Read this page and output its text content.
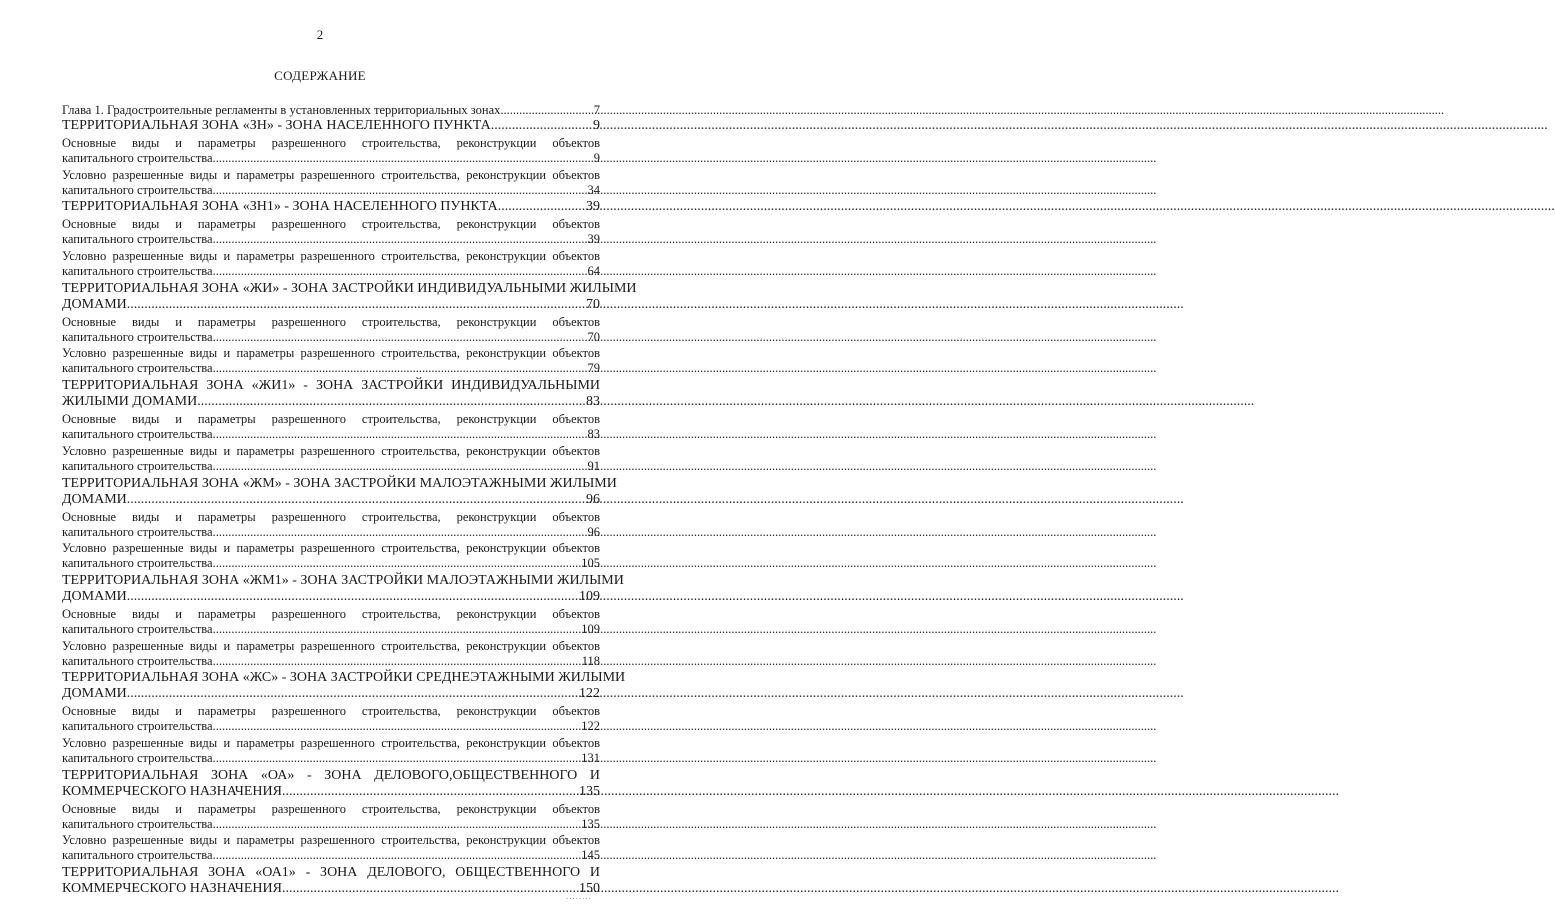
2
СОДЕРЖАНИЕ
Глава 1. Градостроительные регламенты в установленных территориальных зонах .....	7
ТЕРРИТОРИАЛЬНАЯ ЗОНА «ЗН» - ЗОНА НАСЕЛЕННОГО ПУНКТА .....	9
Основные виды и параметры разрешенного строительства, реконструкции объектов
капитального строительства .....	9
Условно разрешенные виды и параметры разрешенного строительства, реконструкции объектов
капитального строительства .....	34
ТЕРРИТОРИАЛЬНАЯ ЗОНА «ЗН1» - ЗОНА НАСЕЛЕННОГО ПУНКТА .....	39
Основные виды и параметры разрешенного строительства, реконструкции объектов
капитального строительства .....	39
Условно разрешенные виды и параметры разрешенного строительства, реконструкции объектов
капитального строительства .....	64
ТЕРРИТОРИАЛЬНАЯ ЗОНА «ЖИ» - ЗОНА ЗАСТРОЙКИ ИНДИВИДУАЛЬНЫМИ ЖИЛЫМИ
ДОМАМИ .....	70
Основные виды и параметры разрешенного строительства, реконструкции объектов
капитального строительства .....	70
Условно разрешенные виды и параметры разрешенного строительства, реконструкции объектов
капитального строительства .....	79
ТЕРРИТОРИАЛЬНАЯ ЗОНА «ЖИ1» - ЗОНА ЗАСТРОЙКИ ИНДИВИДУАЛЬНЫМИ
ЖИЛЫМИ ДОМАМИ .....	83
Основные виды и параметры разрешенного строительства, реконструкции объектов
капитального строительства .....	83
Условно разрешенные виды и параметры разрешенного строительства, реконструкции объектов
капитального строительства .....	91
ТЕРРИТОРИАЛЬНАЯ ЗОНА «ЖМ» - ЗОНА ЗАСТРОЙКИ МАЛОЭТАЖНЫМИ ЖИЛЫМИ
ДОМАМИ .....	96
Основные виды и параметры разрешенного строительства, реконструкции объектов
капитального строительства .....	96
Условно разрешенные виды и параметры разрешенного строительства, реконструкции объектов
капитального строительства .....	105
ТЕРРИТОРИАЛЬНАЯ ЗОНА «ЖМ1» - ЗОНА ЗАСТРОЙКИ МАЛОЭТАЖНЫМИ ЖИЛЫМИ
ДОМАМИ .....	109
Основные виды и параметры разрешенного строительства, реконструкции объектов
капитального строительства .....	109
Условно разрешенные виды и параметры разрешенного строительства, реконструкции объектов
капитального строительства .....	118
ТЕРРИТОРИАЛЬНАЯ ЗОНА «ЖС» - ЗОНА ЗАСТРОЙКИ СРЕДНЕЭТАЖНЫМИ ЖИЛЫМИ
ДОМАМИ .....	122
Основные виды и параметры разрешенного строительства, реконструкции объектов
капитального строительства .....	122
Условно разрешенные виды и параметры разрешенного строительства, реконструкции объектов
капитального строительства .....	131
ТЕРРИТОРИАЛЬНАЯ ЗОНА «ОА» - ЗОНА ДЕЛОВОГО,ОБЩЕСТВЕННОГО И
КОММЕРЧЕСКОГО НАЗНАЧЕНИЯ .....	135
Основные виды и параметры разрешенного строительства, реконструкции объектов
капитального строительства .....	135
Условно разрешенные виды и параметры разрешенного строительства, реконструкции объектов
капитального строительства .....	145
ТЕРРИТОРИАЛЬНАЯ ЗОНА «ОА1» - ЗОНА ДЕЛОВОГО, ОБЩЕСТВЕННОГО И
КОММЕРЧЕСКОГО НАЗНАЧЕНИЯ .....	150
........
